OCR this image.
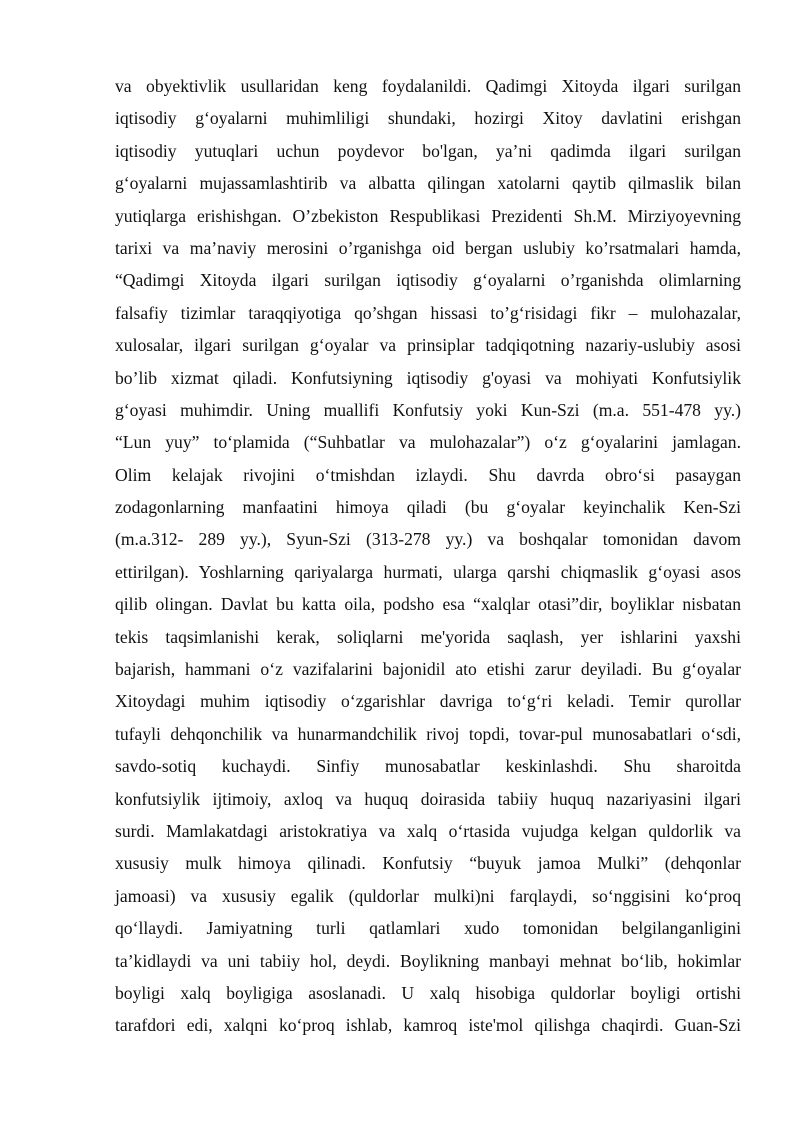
va obyektivlik usullaridan keng foydalanildi. Qadimgi Xitoyda ilgari surilgan
iqtisodiy g‘oyalarni muhimliligi shundaki, hozirgi Xitoy davlatini erishgan
iqtisodiy yutuqlari uchun poydevor bo'lgan, ya’ni qadimda ilgari surilgan
g‘oyalarni mujassamlashtirib va albatta qilingan xatolarni qaytib qilmaslik bilan
yutiqlarga erishishgan. O’zbekiston Respublikasi Prezidenti Sh.M. Mirziyoyevning
tarixi va ma’naviy merosini o’rganishga oid bergan uslubiy ko’rsatmalari hamda,
“Qadimgi Xitoyda ilgari surilgan iqtisodiy g‘oyalarni o’rganishda olimlarning
falsafiy tizimlar taraqqiyotiga qo’shgan hissasi to’g‘risidagi fikr – mulohazalar,
xulosalar, ilgari surilgan g‘oyalar va prinsiplar tadqiqotning nazariy-uslubiy asosi
bo’lib xizmat qiladi. Konfutsiyning iqtisodiy g'oyasi va mohiyati Konfutsiylik
g‘oyasi muhimdir. Uning muallifi Konfutsiy yoki Kun-Szi (m.a. 551-478 yy.)
“Lun yuy” to‘plamida (“Suhbatlar va mulohazalar”) o‘z g‘oyalarini jamlagan.
Olim kelajak rivojini o‘tmishdan izlaydi. Shu davrda obro‘si pasaygan
zodagonlarning manfaatini himoya qiladi (bu g‘oyalar keyinchalik Ken-Szi
(m.a.312- 289 yy.), Syun-Szi (313-278 yy.) va boshqalar tomonidan davom
ettirilgan). Yoshlarning qariyalarga hurmati, ularga qarshi chiqmaslik g‘oyasi asos
qilib olingan. Davlat bu katta oila, podsho esa “xalqlar otasi”dir, boyliklar nisbatan
tekis taqsimlanishi kerak, soliqlarni me'yorida saqlash, yer ishlarini yaxshi
bajarish, hammani o‘z vazifalarini bajonidil ato etishi zarur deyiladi. Bu g‘oyalar
Xitoydagi muhim iqtisodiy o‘zgarishlar davriga to‘g‘ri keladi. Temir qurollar
tufayli dehqonchilik va hunarmandchilik rivoj topdi, tovar-pul munosabatlari o‘sdi,
savdo-sotiq kuchaydi. Sinfiy munosabatlar keskinlashdi. Shu sharoitda
konfutsiylik ijtimoiy, axloq va huquq doirasida tabiiy huquq nazariyasini ilgari
surdi. Mamlakatdagi aristokratiya va xalq o‘rtasida vujudga kelgan quldorlik va
xususiy mulk himoya qilinadi. Konfutsiy “buyuk jamoa Mulki” (dehqonlar
jamoasi) va xususiy egalik (quldorlar mulki)ni farqlaydi, so‘nggisini ko‘proq
qo‘llaydi. Jamiyatning turli qatlamlari xudo tomonidan belgilanganligini
ta’kidlaydi va uni tabiiy hol, deydi. Boylikning manbayi mehnat bo‘lib, hokimlar
boyligi xalq boyligiga asoslanadi. U xalq hisobiga quldorlar boyligi ortishi
tarafdori edi, xalqni ko‘proq ishlab, kamroq iste'mol qilishga chaqirdi. Guan-Szi
